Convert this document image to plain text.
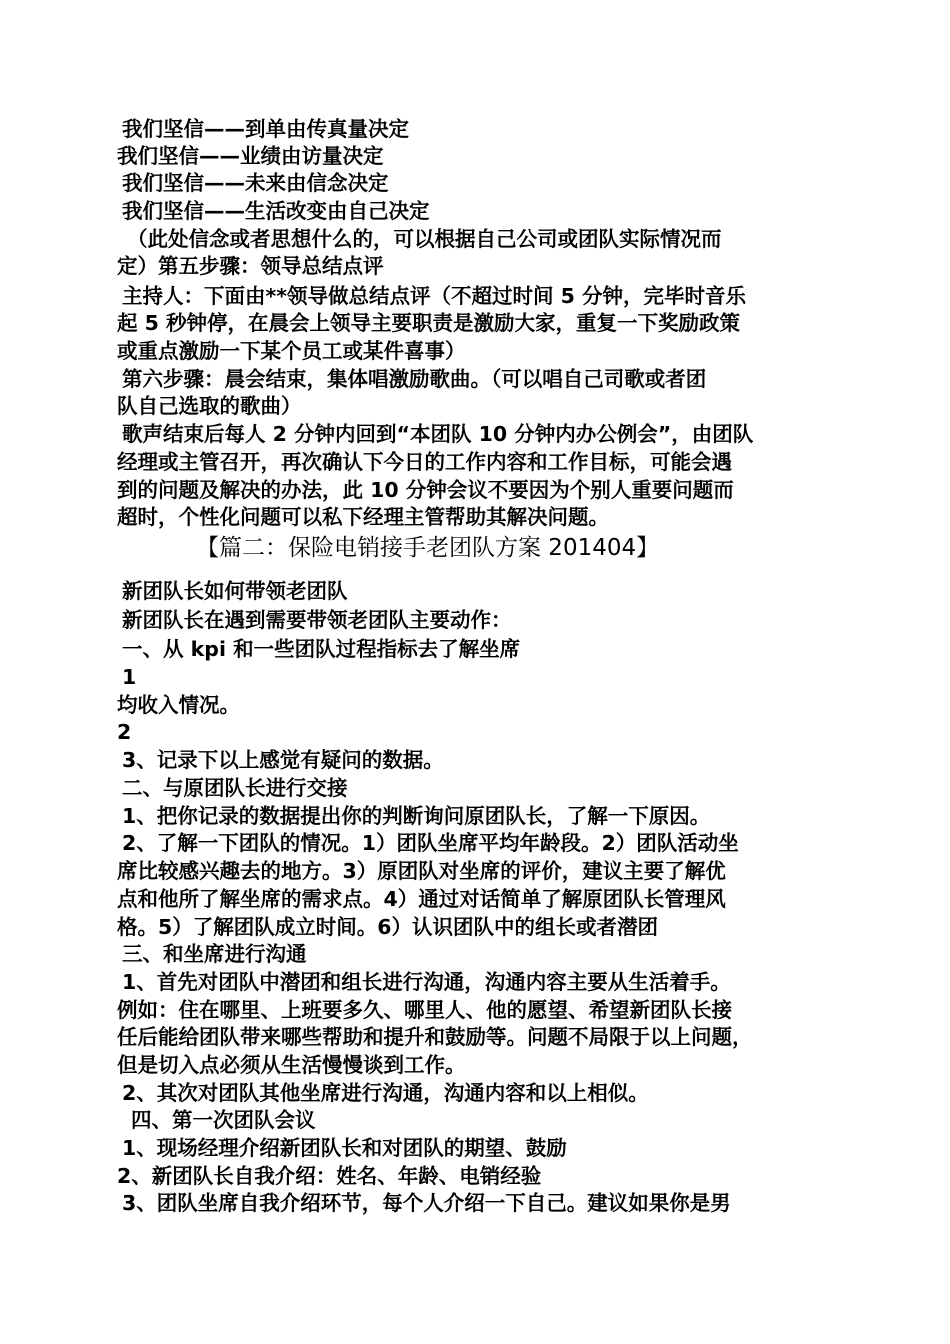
我们坚信——到单由传真量决定
我们坚信——业绩由访量决定
我们坚信——未来由信念决定
我们坚信——生活改变由自己决定
（此处信念或者思想什么的，可以根据自己公司或团队实际情况而
定）第五步骤：领导总结点评
主持人：下面由**领导做总结点评（不超过时间 5 分钟，完毕时音乐
起 5 秒钟停，在晨会上领导主要职责是激励大家，重复一下奖励政策
或重点激励一下某个员工或某件喜事）
第六步骤：晨会结束，集体唱激励歌曲。（可以唱自己司歌或者团
队自己选取的歌曲）
歌声结束后每人 2 分钟内回到“本团队 10 分钟内办公例会”，由团队
经理或主管召开，再次确认下今日的工作内容和工作目标，可能会遇
到的问题及解决的办法，此 10 分钟会议不要因为个别人重要问题而
超时，个性化问题可以私下经理主管帮助其解决问题。
【篇二：保险电销接手老团队方案 201404】
新团队长如何带领老团队
新团队长在遇到需要带领老团队主要动作：
一、从 kpi 和一些团队过程指标去了解坐席
1
均收入情况。
2
3、记录下以上感觉有疑问的数据。
二、与原团队长进行交接
1、把你记录的数据提出你的判断询问原团队长，了解一下原因。
2、了解一下团队的情况。1）团队坐席平均年龄段。2）团队活动坐
席比较感兴趣去的地方。3）原团队对坐席的评价，建议主要了解优
点和他所了解坐席的需求点。4）通过对话简单了解原团队长管理风
格。5）了解团队成立时间。6）认识团队中的组长或者潜团
三、和坐席进行沟通
1、首先对团队中潜团和组长进行沟通，沟通内容主要从生活着手。
例如：住在哪里、上班要多久、哪里人、他的愿望、希望新团队长接
任后能给团队带来哪些帮助和提升和鼓励等。问题不局限于以上问题，
但是切入点必须从生活慢慢谈到工作。
2、其次对团队其他坐席进行沟通，沟通内容和以上相似。
四、第一次团队会议
1、现场经理介绍新团队长和对团队的期望、鼓励
2、新团队长自我介绍：姓名、年龄、电销经验
3、团队坐席自我介绍环节，每个人介绍一下自己。建议如果你是男
